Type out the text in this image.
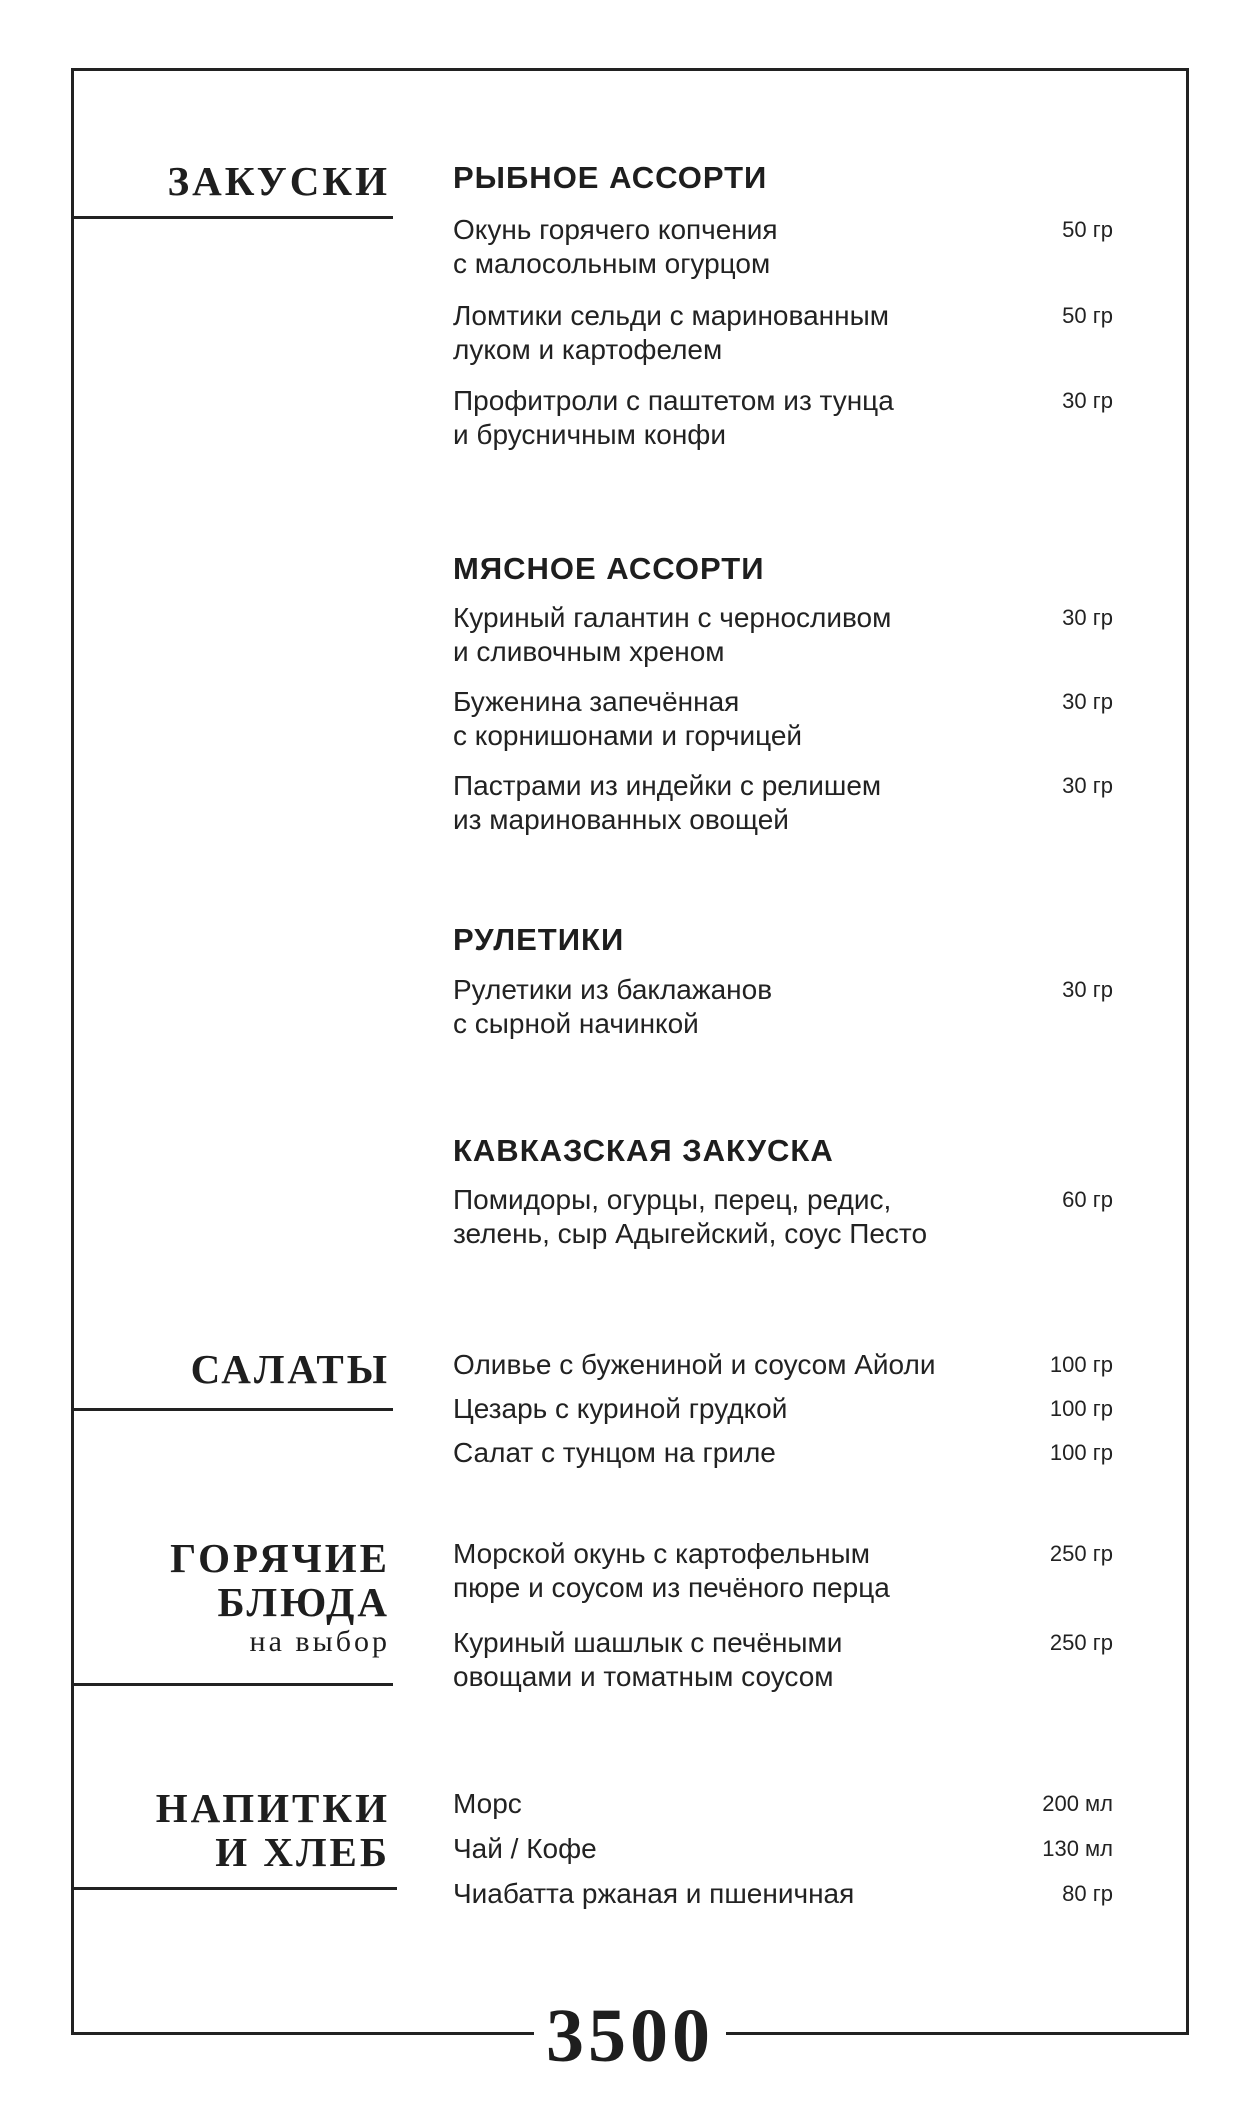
ЗАКУСКИ РЫБНОЕ АССОРТИ
Окунь горячего копчения
с малосольным огурцом
50 гр
Ломтики сельди с маринованным
луком и картофелем
50 гр
Профитроли с паштетом из тунца
и брусничным конфи
30 гр
МЯСНОЕ АССОРТИ
Куриный галантин с черносливом
и сливочным хреном
30 гр
Буженина запечённая
с корнишонами и горчицей
30 гр
Пастрами из индейки с релишем
из маринованных овощей
30 гр
РУЛЕТИКИ
Рулетики из баклажанов
с сырной начинкой
30 гр
КАВКАЗСКАЯ ЗАКУСКА
Помидоры, огурцы, перец, редис,
зелень, сыр Адыгейский, соус Песто
60 гр
САЛАТЫ Оливье с бужениной и соусом Айоли	100 гр
Цезарь с куриной грудкой	100 гр
Салат с тунцом на гриле	100 гр
ГОРЯЧИЕ
БЛЮДА
на выбор
Морской окунь с картофельным
пюре и соусом из печёного перца
250 гр
Куриный шашлык с печёными
овощами и томатным соусом
250 гр
НАПИТКИ
И ХЛЕБ
Морс	200 мл
Чай / Кофе	130 мл
Чиабатта ржаная и пшеничная	80 гр
3500
